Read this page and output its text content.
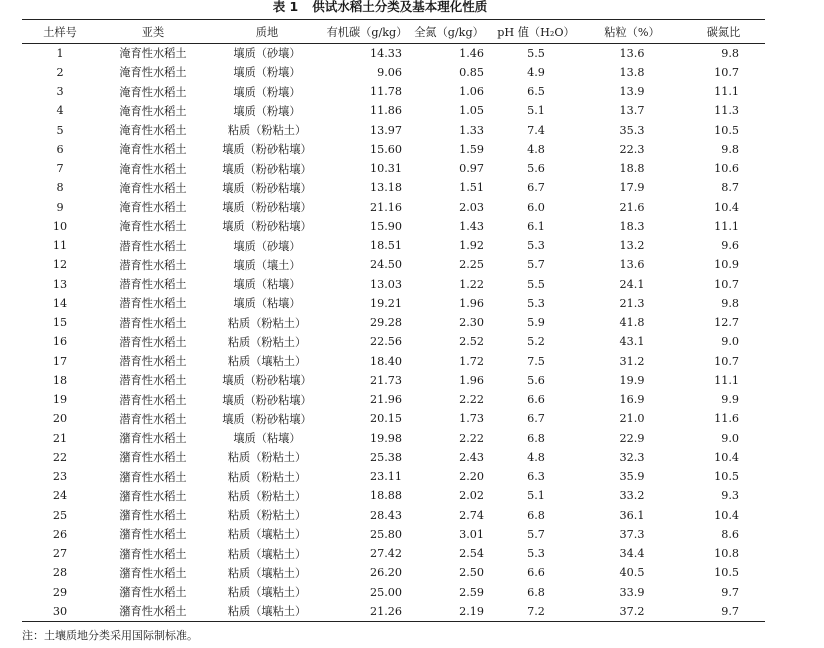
表 1 供试水稻土分类及基本理化性质
土样号	亚类	质地	有机碳（g/kg）	全氮（g/kg）	pH 值（H₂O）	粘粒（%）	碳氮比
1	淹育性水稻土	壤质（砂壤）	14.33	1.46	5.5	13.6	9.8
2	淹育性水稻土	壤质（粉壤）	9.06	0.85	4.9	13.8	10.7
3	淹育性水稻土	壤质（粉壤）	11.78	1.06	6.5	13.9	11.1
4	淹育性水稻土	壤质（粉壤）	11.86	1.05	5.1	13.7	11.3
5	淹育性水稻土	粘质（粉粘土）	13.97	1.33	7.4	35.3	10.5
6	淹育性水稻土	壤质（粉砂粘壤）	15.60	1.59	4.8	22.3	9.8
7	淹育性水稻土	壤质（粉砂粘壤）	10.31	0.97	5.6	18.8	10.6
8	淹育性水稻土	壤质（粉砂粘壤）	13.18	1.51	6.7	17.9	8.7
9	淹育性水稻土	壤质（粉砂粘壤）	21.16	2.03	6.0	21.6	10.4
10	淹育性水稻土	壤质（粉砂粘壤）	15.90	1.43	6.1	18.3	11.1
11	潜育性水稻土	壤质（砂壤）	18.51	1.92	5.3	13.2	9.6
12	潜育性水稻土	壤质（壤土）	24.50	2.25	5.7	13.6	10.9
13	潜育性水稻土	壤质（粘壤）	13.03	1.22	5.5	24.1	10.7
14	潜育性水稻土	壤质（粘壤）	19.21	1.96	5.3	21.3	9.8
15	潜育性水稻土	粘质（粉粘土）	29.28	2.30	5.9	41.8	12.7
16	潜育性水稻土	粘质（粉粘土）	22.56	2.52	5.2	43.1	9.0
17	潜育性水稻土	粘质（壤粘土）	18.40	1.72	7.5	31.2	10.7
18	潜育性水稻土	壤质（粉砂粘壤）	21.73	1.96	5.6	19.9	11.1
19	潜育性水稻土	壤质（粉砂粘壤）	21.96	2.22	6.6	16.9	9.9
20	潜育性水稻土	壤质（粉砂粘壤）	20.15	1.73	6.7	21.0	11.6
21	潴育性水稻土	壤质（粘壤）	19.98	2.22	6.8	22.9	9.0
22	潴育性水稻土	粘质（粉粘土）	25.38	2.43	4.8	32.3	10.4
23	潴育性水稻土	粘质（粉粘土）	23.11	2.20	6.3	35.9	10.5
24	潴育性水稻土	粘质（粉粘土）	18.88	2.02	5.1	33.2	9.3
25	潴育性水稻土	粘质（粉粘土）	28.43	2.74	6.8	36.1	10.4
26	潴育性水稻土	粘质（壤粘土）	25.80	3.01	5.7	37.3	8.6
27	潴育性水稻土	粘质（壤粘土）	27.42	2.54	5.3	34.4	10.8
28	潴育性水稻土	粘质（壤粘土）	26.20	2.50	6.6	40.5	10.5
29	潴育性水稻土	粘质（壤粘土）	25.00	2.59	6.8	33.9	9.7
30	潴育性水稻土	粘质（壤粘土）	21.26	2.19	7.2	37.2	9.7
注：土壤质地分类采用国际制标准。
